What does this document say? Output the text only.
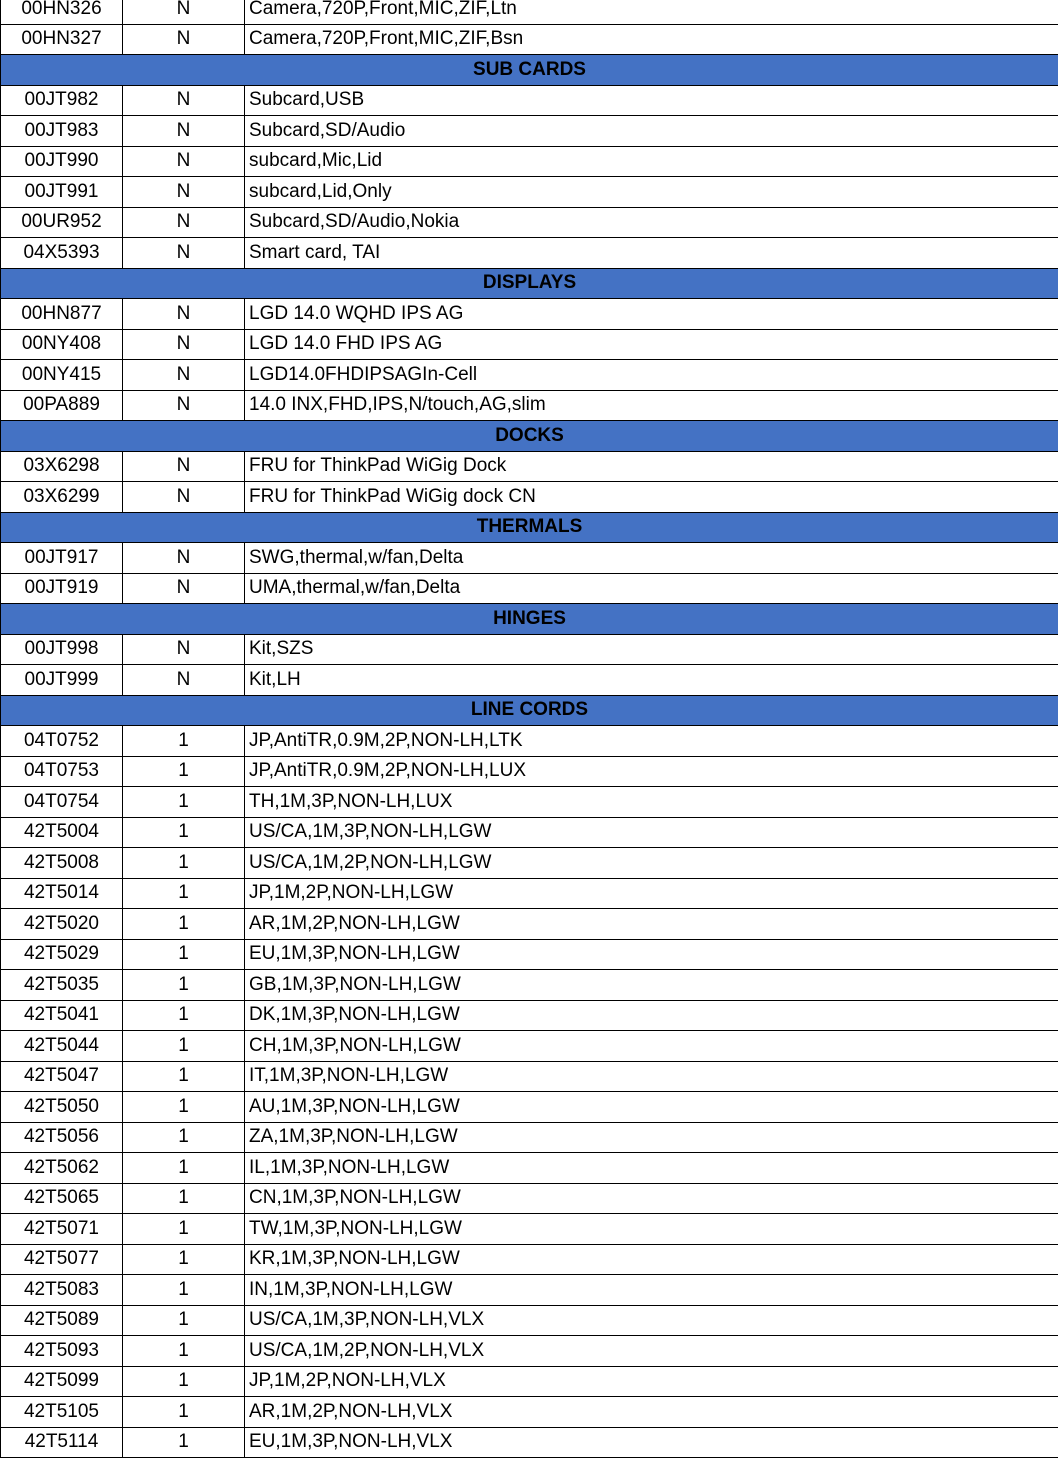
00HN326	N	Camera,720P,Front,MIC,ZIF,Ltn
00HN327	N	Camera,720P,Front,MIC,ZIF,Bsn
SUB CARDS		
00JT982	N	Subcard,USB
00JT983	N	Subcard,SD/Audio
00JT990	N	subcard,Mic,Lid
00JT991	N	subcard,Lid,Only
00UR952	N	Subcard,SD/Audio,Nokia
04X5393	N	Smart card, TAI
DISPLAYS		
00HN877	N	LGD 14.0 WQHD IPS AG
00NY408	N	LGD 14.0 FHD IPS AG
00NY415	N	LGD14.0FHDIPSAGIn-Cell
00PA889	N	14.0 INX,FHD,IPS,N/touch,AG,slim
DOCKS		
03X6298	N	FRU for ThinkPad WiGig Dock
03X6299	N	FRU for ThinkPad WiGig dock CN
THERMALS		
00JT917	N	SWG,thermal,w/fan,Delta
00JT919	N	UMA,thermal,w/fan,Delta
HINGES		
00JT998	N	Kit,SZS
00JT999	N	Kit,LH
LINE CORDS		
04T0752	1	JP,AntiTR,0.9M,2P,NON-LH,LTK
04T0753	1	JP,AntiTR,0.9M,2P,NON-LH,LUX
04T0754	1	TH,1M,3P,NON-LH,LUX
42T5004	1	US/CA,1M,3P,NON-LH,LGW
42T5008	1	US/CA,1M,2P,NON-LH,LGW
42T5014	1	JP,1M,2P,NON-LH,LGW
42T5020	1	AR,1M,2P,NON-LH,LGW
42T5029	1	EU,1M,3P,NON-LH,LGW
42T5035	1	GB,1M,3P,NON-LH,LGW
42T5041	1	DK,1M,3P,NON-LH,LGW
42T5044	1	CH,1M,3P,NON-LH,LGW
42T5047	1	IT,1M,3P,NON-LH,LGW
42T5050	1	AU,1M,3P,NON-LH,LGW
42T5056	1	ZA,1M,3P,NON-LH,LGW
42T5062	1	IL,1M,3P,NON-LH,LGW
42T5065	1	CN,1M,3P,NON-LH,LGW
42T5071	1	TW,1M,3P,NON-LH,LGW
42T5077	1	KR,1M,3P,NON-LH,LGW
42T5083	1	IN,1M,3P,NON-LH,LGW
42T5089	1	US/CA,1M,3P,NON-LH,VLX
42T5093	1	US/CA,1M,2P,NON-LH,VLX
42T5099	1	JP,1M,2P,NON-LH,VLX
42T5105	1	AR,1M,2P,NON-LH,VLX
42T5114	1	EU,1M,3P,NON-LH,VLX
